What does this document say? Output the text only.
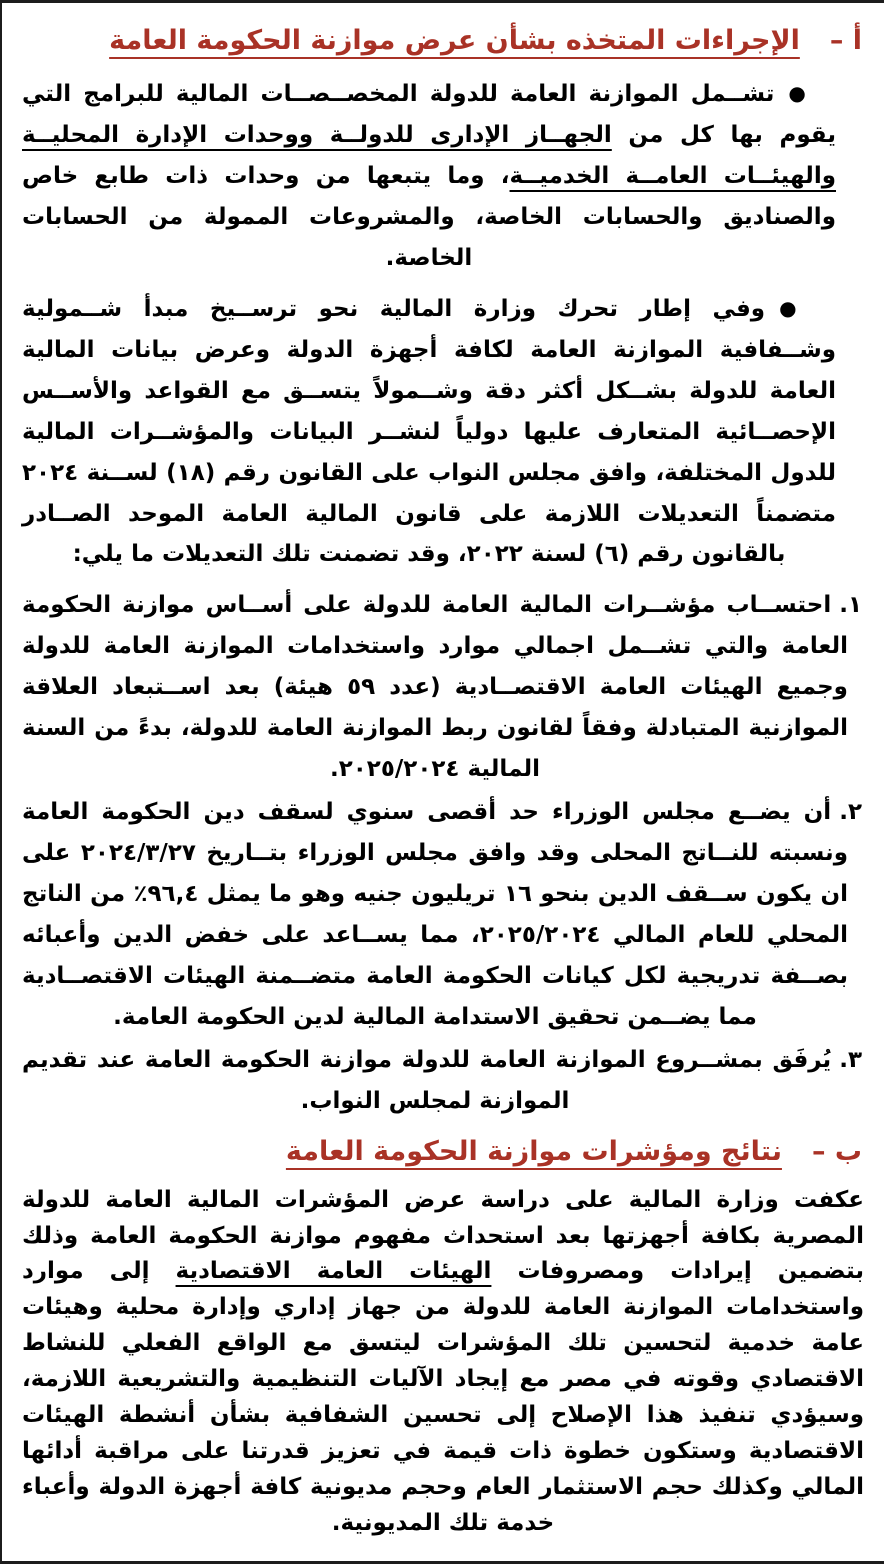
أ –
الإجراءات المتخذه بشأن عرض موازنة الحكومة العامة

●تشــمل الموازنة العامة للدولة المخصــصــات المالية للبرامج التي يقوم بها كل من الجهــاز الإدارى للدولــة ووحدات الإدارة المحليــة والهيئــات العامــة الخدميــة، وما يتبعها من وحدات ذات طابع خاص والصناديق والحسابات الخاصة، والمشروعات الممولة من الحسابات الخاصة.

●وفي إطار تحرك وزارة المالية نحو ترســيخ مبدأ شــمولية وشــفافية الموازنة العامة لكافة أجهزة الدولة وعرض بيانات المالية العامة للدولة بشــكل أكثر دقة وشــمولاً يتســق مع القواعد والأســس الإحصــائية المتعارف عليها دولياً لنشــر البيانات والمؤشــرات المالية للدول المختلفة، وافق مجلس النواب على القانون رقم (١٨) لســنة ٢٠٢٤ متضمناً التعديلات اللازمة على قانون المالية العامة الموحد الصــادر بالقانون رقم (٦) لسنة ٢٠٢٢، وقد تضمنت تلك التعديلات ما يلي:

١.احتســاب مؤشــرات المالية العامة للدولة على أســاس موازنة الحكومة العامة والتي تشــمل اجمالي موارد واستخدامات الموازنة العامة للدولة وجميع الهيئات العامة الاقتصــادية (عدد ٥٩ هيئة) بعد اســتبعاد العلاقة الموازنية المتبادلة وفقاً لقانون ربط الموازنة العامة للدولة، بدءً من السنة المالية ٢٠٢٥/٢٠٢٤.

٢.أن يضــع مجلس الوزراء حد أقصى سنوي لسقف دين الحكومة العامة ونسبته للنــاتج المحلى وقد وافق مجلس الوزراء بتــاريخ ٢٠٢٤/٣/٢٧ على ان يكون ســقف الدين بنحو ١٦ تريليون جنيه وهو ما يمثل ٩٦,٤٪ من الناتج المحلي للعام المالي ٢٠٢٥/٢٠٢٤، مما يســاعد على خفض الدين وأعبائه بصــفة تدريجية لكل كيانات الحكومة العامة متضــمنة الهيئات الاقتصــادية مما يضــمن تحقيق الاستدامة المالية لدين الحكومة العامة.

٣.يُرفَق بمشــروع الموازنة العامة للدولة موازنة الحكومة العامة عند تقديم الموازنة لمجلس النواب.

ب –
نتائج ومؤشرات موازنة الحكومة العامة

عكفت وزارة المالية على دراسة عرض المؤشرات المالية العامة للدولة المصرية بكافة أجهزتها بعد استحداث مفهوم موازنة الحكومة العامة وذلك بتضمين إيرادات ومصروفات الهيئات العامة الاقتصادية إلى موارد واستخدامات الموازنة العامة للدولة من جهاز إداري وإدارة محلية وهيئات عامة خدمية لتحسين تلك المؤشرات ليتسق مع الواقع الفعلي للنشاط الاقتصادي وقوته في مصر مع إيجاد الآليات التنظيمية والتشريعية اللازمة، وسيؤدي تنفيذ هذا الإصلاح إلى تحسين الشفافية بشأن أنشطة الهيئات الاقتصادية وستكون خطوة ذات قيمة في تعزيز قدرتنا على مراقبة أدائها المالي وكذلك حجم الاستثمار العام وحجم مديونية كافة أجهزة الدولة وأعباء خدمة تلك المديونية.
